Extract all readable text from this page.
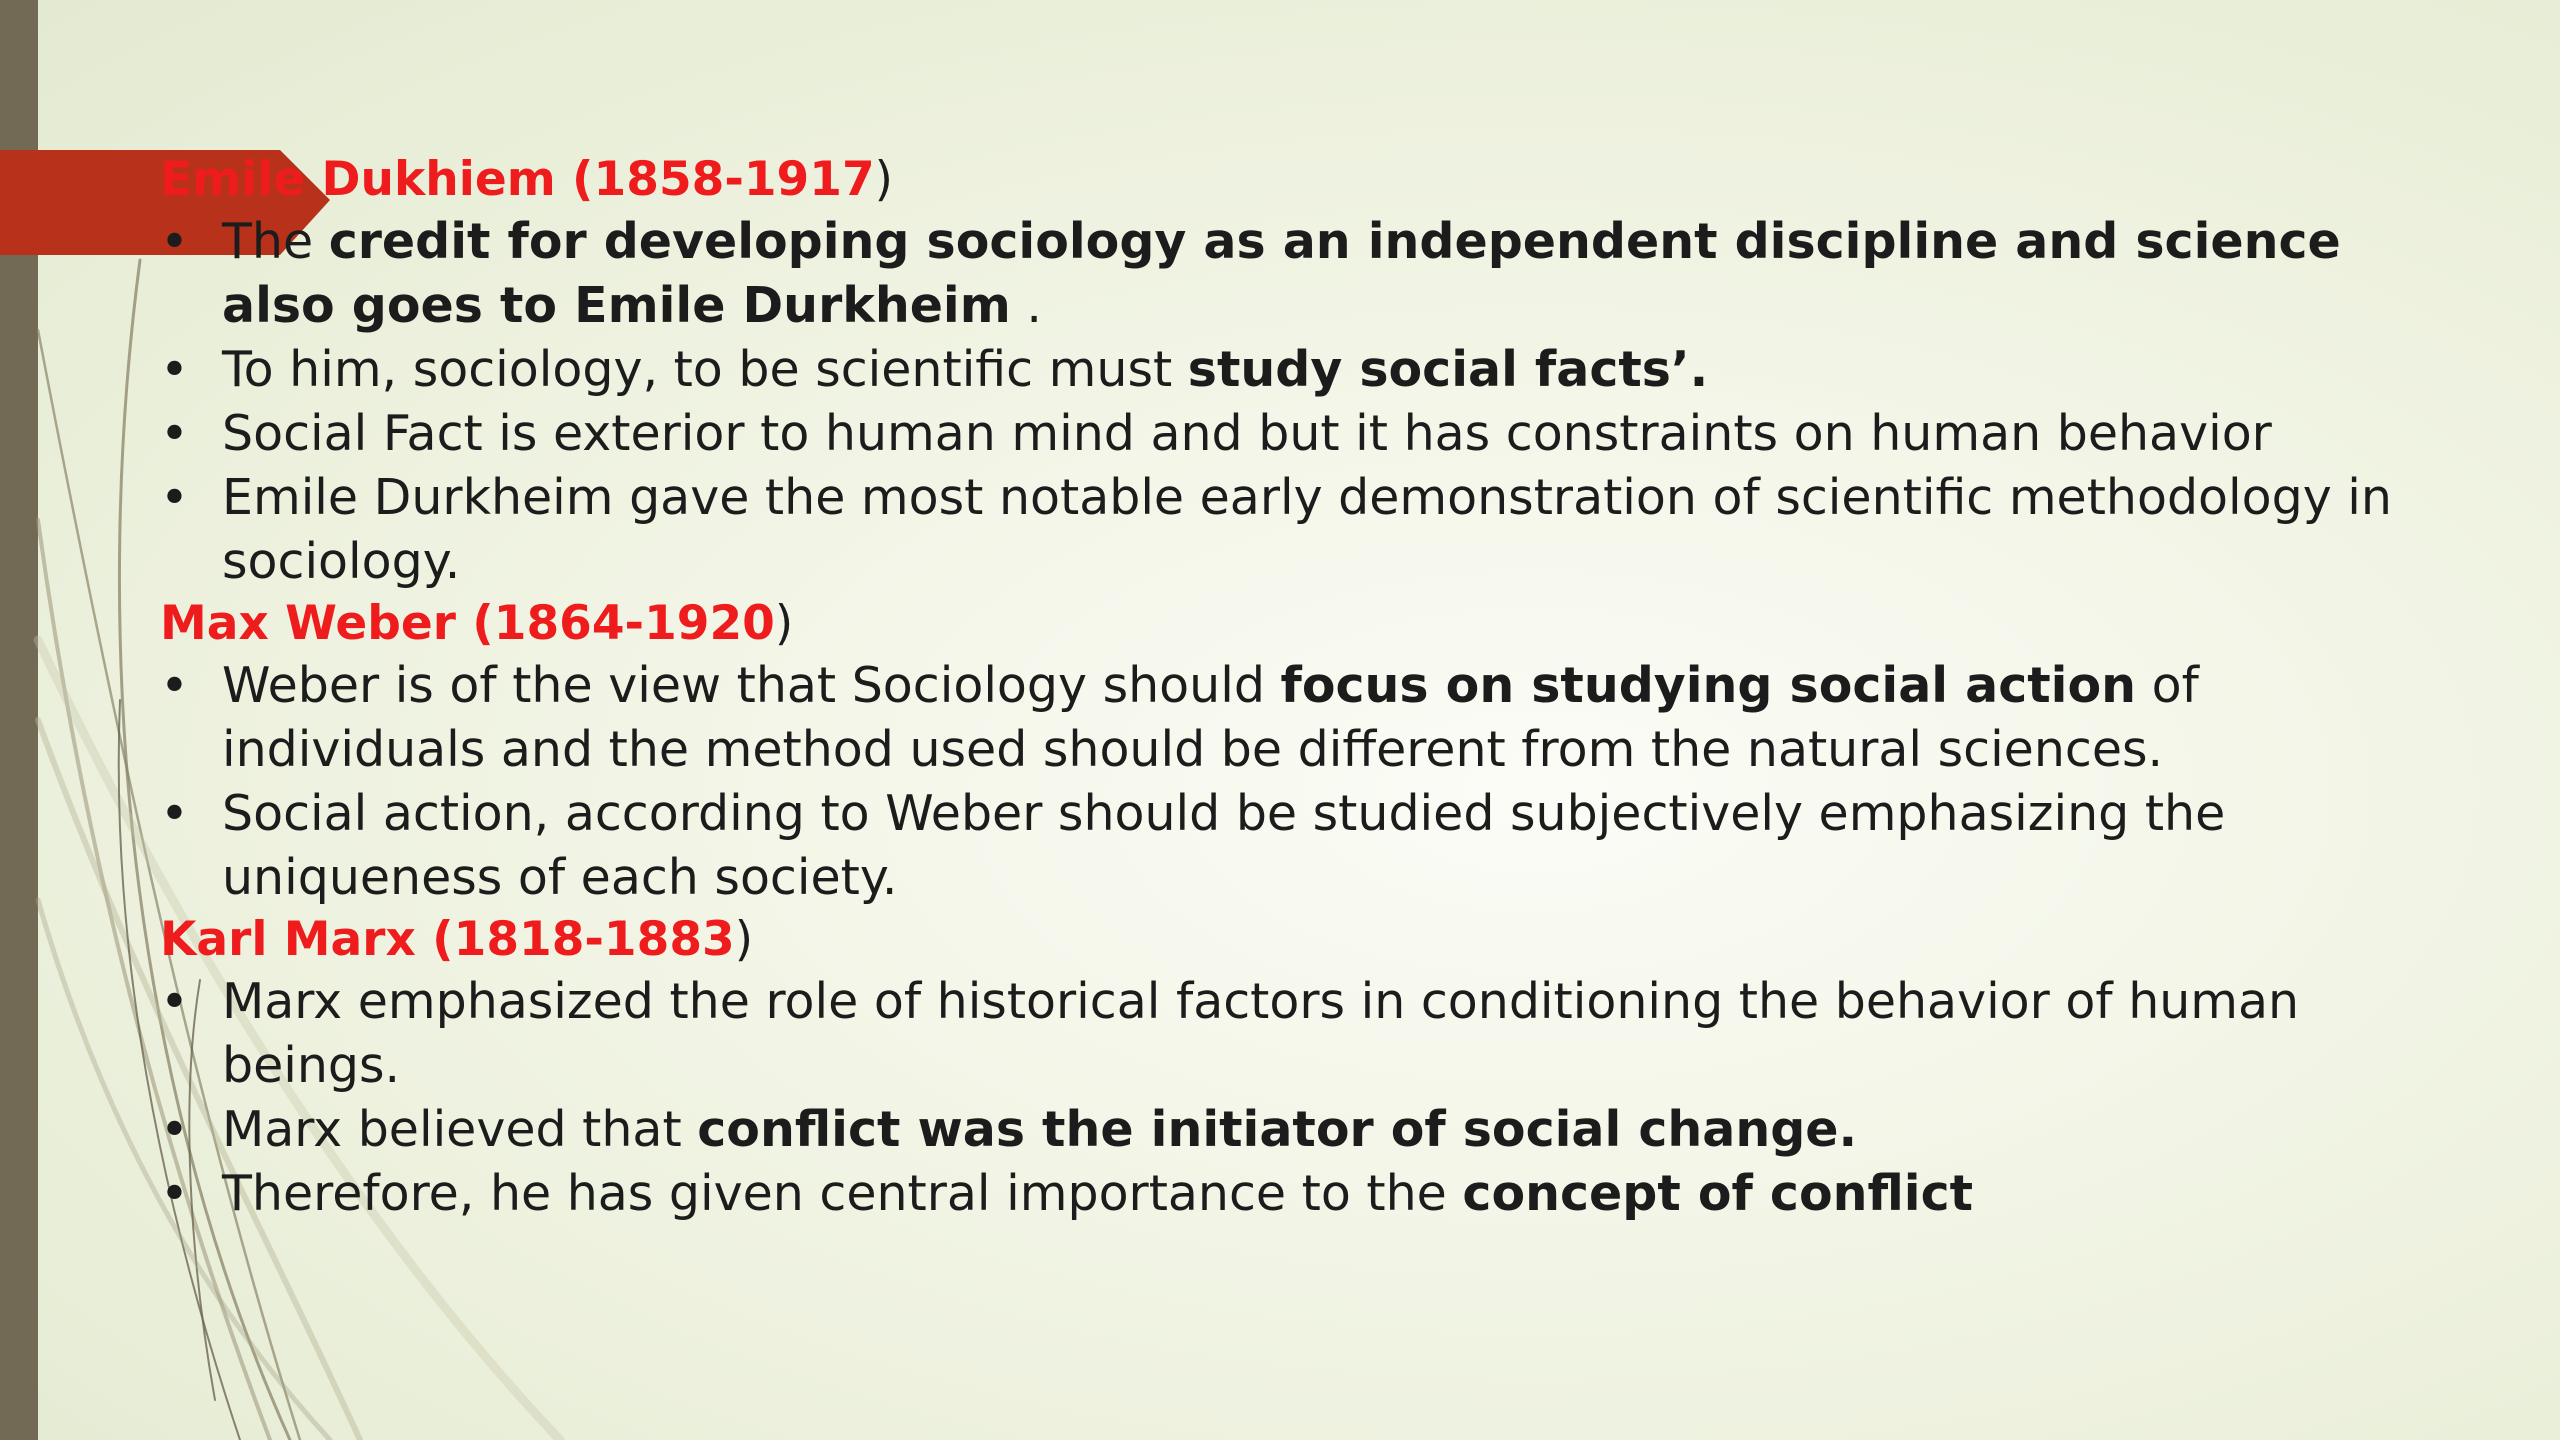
Emile Dukhiem (1858-1917)
• The credit for developing sociology as an independent discipline and science also goes to Emile Durkheim .
• To him, sociology, to be scientific must study social facts’.
• Social Fact is exterior to human mind and but it has constraints on human behavior
• Emile Durkheim gave the most notable early demonstration of scientific methodology in sociology.
Max Weber (1864-1920)
• Weber is of the view that Sociology should focus on studying social action of individuals and the method used should be different from the natural sciences.
• Social action, according to Weber should be studied subjectively emphasizing the uniqueness of each society.
Karl Marx (1818-1883)
• Marx emphasized the role of historical factors in conditioning the behavior of human beings.
• Marx believed that conflict was the initiator of social change.
• Therefore, he has given central importance to the concept of conflict
